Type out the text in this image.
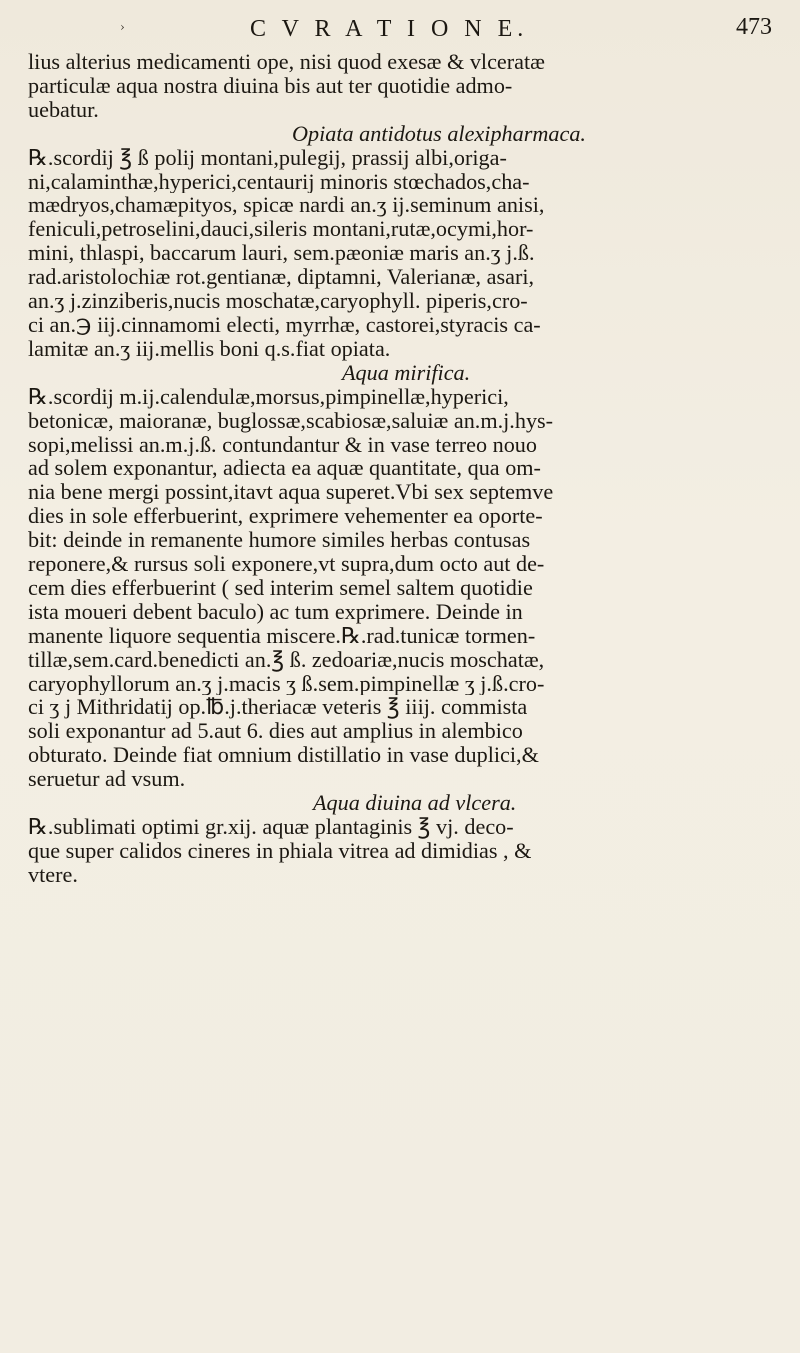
›	C V R A T I O N E.	473
lius alterius medicamenti ope, nisi quod exesæ & vlceratæ
particulæ aqua nostra diuina bis aut ter quotidie admo-
uebatur.
Opiata antidotus alexipharmaca.
℞.scordij ℥ ß polij montani,pulegij, prassij albi,origa-
ni,calaminthæ,hyperici,centaurij minoris stœchados,cha-
mædryos,chamæpityos, spicæ nardi an.ʒ ij.seminum anisi,
feniculi,petroselini,dauci,sileris montani,rutæ,ocymi,hor-
mini, thlaspi, baccarum lauri, sem.pæoniæ maris an.ʒ j.ß.
rad.aristolochiæ rot.gentianæ, diptamni, Valerianæ, asari,
an.ʒ j.zinziberis,nucis moschatæ,caryophyll. piperis,cro-
ci an.℈ iij.cinnamomi electi, myrrhæ, castorei,styracis ca-
lamitæ an.ʒ iij.mellis boni q.s.fiat opiata.
Aqua mirifica.
℞.scordij m.ij.calendulæ,morsus,pimpinellæ,hyperici,
betonicæ, maioranæ, buglossæ,scabiosæ,saluiæ an.m.j.hys-
sopi,melissi an.m.j.ß. contundantur & in vase terreo nouo
ad solem exponantur, adiecta ea aquæ quantitate, qua om-
nia bene mergi possint,itavt aqua superet.Vbi sex septemve
dies in sole efferbuerint, exprimere vehementer ea oporte-
bit: deinde in remanente humore similes herbas contusas
reponere,& rursus soli exponere,vt supra,dum octo aut de-
cem dies efferbuerint ( sed interim semel saltem quotidie
ista moueri debent baculo) ac tum exprimere. Deinde in
manente liquore sequentia miscere.℞.rad.tunicæ tormen-
tillæ,sem.card.benedicti an.℥ ß. zedoariæ,nucis moschatæ,
caryophyllorum an.ʒ j.macis ʒ ß.sem.pimpinellæ ʒ j.ß.cro-
ci ʒ j Mithridatij op.℔.j.theriacæ veteris ℥ iiij. commista
soli exponantur ad 5.aut 6. dies aut amplius in alembico
obturato. Deinde fiat omnium distillatio in vase duplici,&
seruetur ad vsum.
Aqua diuina ad vlcera.
℞.sublimati optimi gr.xij. aquæ plantaginis ℥ vj. deco-
que super calidos cineres in phiala vitrea ad dimidias , &
vtere.
